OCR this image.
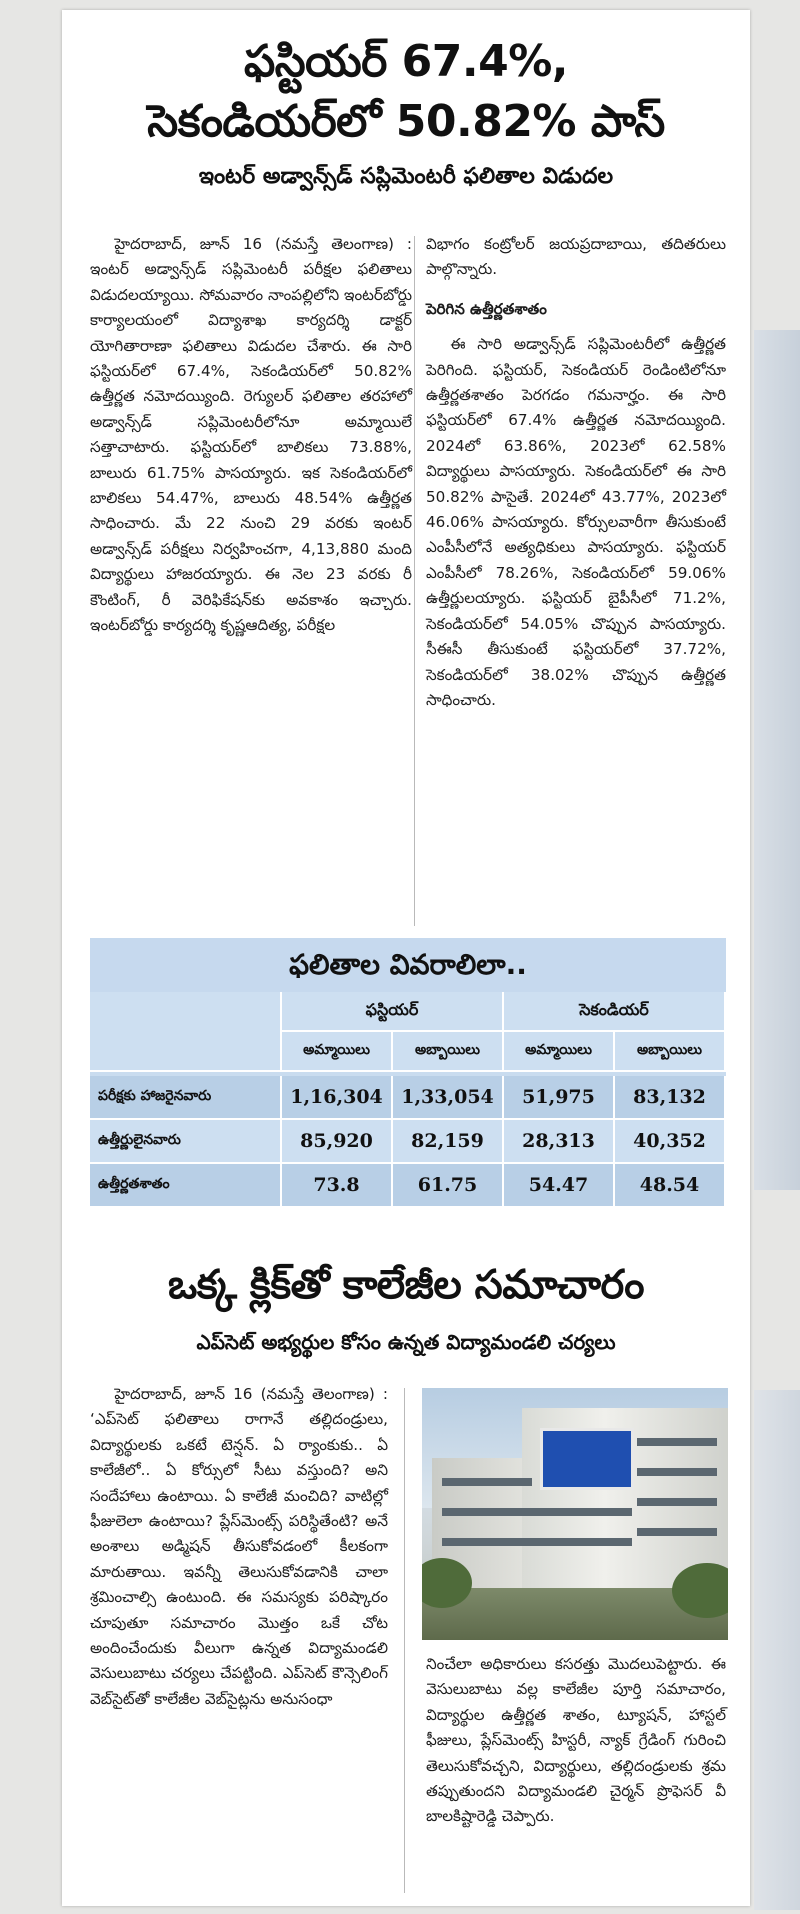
ఫస్టియర్‌ 67.4%,
సెకండియర్‌లో 50.82% పాస్‌
ఇంటర్‌ అడ్వాన్స్‌డ్‌ సప్లిమెంటరీ ఫలితాల విడుదల

హైదరాబాద్‌, జూన్‌ 16 (నమస్తే తెలంగాణ) : ఇంటర్‌ అడ్వాన్స్‌డ్‌ సప్లిమెంటరీ పరీక్షల ఫలితాలు విడుదలయ్యాయి. సోమవారం నాంపల్లిలోని ఇంటర్‌బోర్డు కార్యాలయంలో విద్యాశాఖ కార్యదర్శి డాక్టర్‌ యోగితారాణా ఫలితాలు విడుదల చేశారు. ఈ సారి ఫస్టియర్‌లో 67.4%, సెకండియర్‌లో 50.82% ఉత్తీర్ణత నమోదయ్యింది. రెగ్యులర్‌ ఫలితాల తరహాలో అడ్వాన్స్‌డ్‌ సప్లిమెంటరీలోనూ అమ్మాయిలే సత్తాచాటారు. ఫస్టియర్‌లో బాలికలు 73.88%, బాలురు 61.75% పాసయ్యారు. ఇక సెకండియర్‌లో బాలికలు 54.47%, బాలురు 48.54% ఉత్తీర్ణత సాధించారు. మే 22 నుంచి 29 వరకు ఇంటర్‌ అడ్వాన్స్‌డ్‌ పరీక్షలు నిర్వహించగా, 4,13,880 మంది విద్యార్థులు హాజరయ్యారు. ఈ నెల 23 వరకు రీ కౌంటింగ్‌, రీ వెరిఫికేషన్‌కు అవకాశం ఇచ్చారు. ఇంటర్‌బోర్డు కార్యదర్శి కృష్ణఆదిత్య, పరీక్షల

విభాగం కంట్రోలర్‌ జయప్రదాబాయి, తదితరులు పాల్గొన్నారు.

పెరిగిన ఉత్తీర్ణతశాతం

ఈ సారి అడ్వాన్స్‌డ్‌ సప్లిమెంటరీలో ఉత్తీర్ణత పెరిగింది. ఫస్టియర్‌, సెకండియర్‌ రెండింటిలోనూ ఉత్తీర్ణతశాతం పెరగడం గమనార్హం. ఈ సారి ఫస్టియర్‌లో 67.4% ఉత్తీర్ణత నమోదయ్యింది. 2024లో 63.86%, 2023లో 62.58% విద్యార్థులు పాసయ్యారు. సెకండియర్‌లో ఈ సారి 50.82% పాసైతే. 2024లో 43.77%, 2023లో 46.06% పాసయ్యారు. కోర్సులవారీగా తీసుకుంటే ఎంపీసీలోనే అత్యధికులు పాసయ్యారు. ఫస్టియర్‌ ఎంపీసీలో 78.26%, సెకండియర్‌లో 59.06% ఉత్తీర్ణులయ్యారు. ఫస్టియర్‌ బైపీసీలో 71.2%, సెకండియర్‌లో 54.05% చొప్పున పాసయ్యారు. సీఈసీ తీసుకుంటే ఫస్టియర్‌లో 37.72%, సెకండియర్‌లో 38.02% చొప్పున ఉత్తీర్ణత సాధించారు.

ఫలితాల వివరాలిలా..
ఫస్టియర్‌	సెకండియర్‌
అమ్మాయిలు	అబ్బాయిలు	అమ్మాయిలు	అబ్బాయిలు
పరీక్షకు హాజరైనవారు	1,16,304 1,33,054	51,975	83,132
ఉత్తీర్ణులైనవారు	85,920	82,159	28,313	40,352
ఉత్తీర్ణతశాతం	73.8	61.75	54.47	48.54
ఒక్క క్లిక్‌తో కాలేజీల సమాచారం
ఎప్‌సెట్‌ అభ్యర్థుల కోసం ఉన్నత విద్యామండలి చర్యలు

హైదరాబాద్‌, జూన్‌ 16 (నమస్తే తెలంగాణ) : ‘ఎప్‌సెట్‌ ఫలితాలు రాగానే తల్లిదండ్రులు, విద్యార్థులకు ఒకటే టెన్షన్‌. ఏ ర్యాంకుకు.. ఏ కాలేజీలో.. ఏ కోర్సులో సీటు వస్తుంది? అని సందేహాలు ఉంటాయి. ఏ కాలేజీ మంచిది? వాటిల్లో ఫీజులెలా ఉంటాయి? ప్లేస్‌మెంట్స్‌ పరిస్థితేంటి? అనే అంశాలు అడ్మిషన్‌ తీసుకోవడంలో కీలకంగా మారుతాయి. ఇవన్నీ తెలుసుకోవడానికి చాలా శ్రమించాల్సి ఉంటుంది. ఈ సమస్యకు పరిష్కారం చూపుతూ సమాచారం మొత్తం ఒకే చోట అందించేందుకు వీలుగా ఉన్నత విద్యామండలి వెసులుబాటు చర్యలు చేపట్టింది. ఎప్‌సెట్‌ కౌన్సెలింగ్‌ వెబ్‌సైట్‌తో కాలేజీల వెబ్‌సైట్లను అనుసంధా

నించేలా అధికారులు కసరత్తు మొదలుపెట్టారు. ఈ వెసులుబాటు వల్ల కాలేజీల పూర్తి సమాచారం, విద్యార్థుల ఉత్తీర్ణత శాతం, ట్యూషన్‌, హాస్టల్‌ ఫీజులు, ప్లేస్‌మెంట్స్‌ హిస్టరీ, న్యాక్‌ గ్రేడింగ్‌ గురించి తెలుసుకోవచ్చని, విద్యార్థులు, తల్లిదండ్రులకు శ్రమ తప్పుతుందని విద్యామండలి చైర్మన్‌ ప్రొఫెసర్‌ వీ బాలకిష్టారెడ్డి చెప్పారు.
